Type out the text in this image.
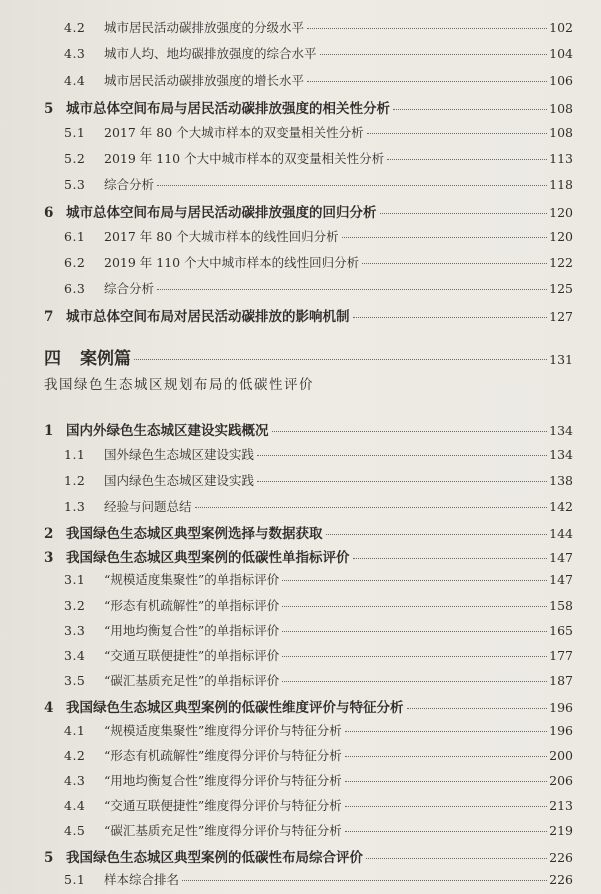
4.2	城市居民活动碳排放强度的分级水平	102
4.3	城市人均、地均碳排放强度的综合水平	104
4.4	城市居民活动碳排放强度的增长水平	106
5 城市总体空间布局与居民活动碳排放强度的相关性分析	108
5.1	2017 年 80 个大城市样本的双变量相关性分析	108
5.2	2019 年 110 个大中城市样本的双变量相关性分析	113
5.3	综合分析	118
6 城市总体空间布局与居民活动碳排放强度的回归分析	120
6.1	2017 年 80 个大城市样本的线性回归分析	120
6.2	2019 年 110 个大中城市样本的线性回归分析	122
6.3	综合分析	125
7 城市总体空间布局对居民活动碳排放的影响机制	127
四	案例篇	131
我国绿色生态城区规划布局的低碳性评价
1 国内外绿色生态城区建设实践概况	134
1.1	国外绿色生态城区建设实践	134
1.2	国内绿色生态城区建设实践	138
1.3	经验与问题总结	142
2 我国绿色生态城区典型案例选择与数据获取	144
3 我国绿色生态城区典型案例的低碳性单指标评价	147
3.1	“规模适度集聚性”的单指标评价	147
3.2	“形态有机疏解性”的单指标评价	158
3.3	“用地均衡复合性”的单指标评价	165
3.4	“交通互联便捷性”的单指标评价	177
3.5	“碳汇基质充足性”的单指标评价	187
4 我国绿色生态城区典型案例的低碳性维度评价与特征分析	196
4.1	“规模适度集聚性”维度得分评价与特征分析	196
4.2	“形态有机疏解性”维度得分评价与特征分析	200
4.3	“用地均衡复合性”维度得分评价与特征分析	206
4.4	“交通互联便捷性”维度得分评价与特征分析	213
4.5	“碳汇基质充足性”维度得分评价与特征分析	219
5 我国绿色生态城区典型案例的低碳性布局综合评价	226
5.1	样本综合排名	226
